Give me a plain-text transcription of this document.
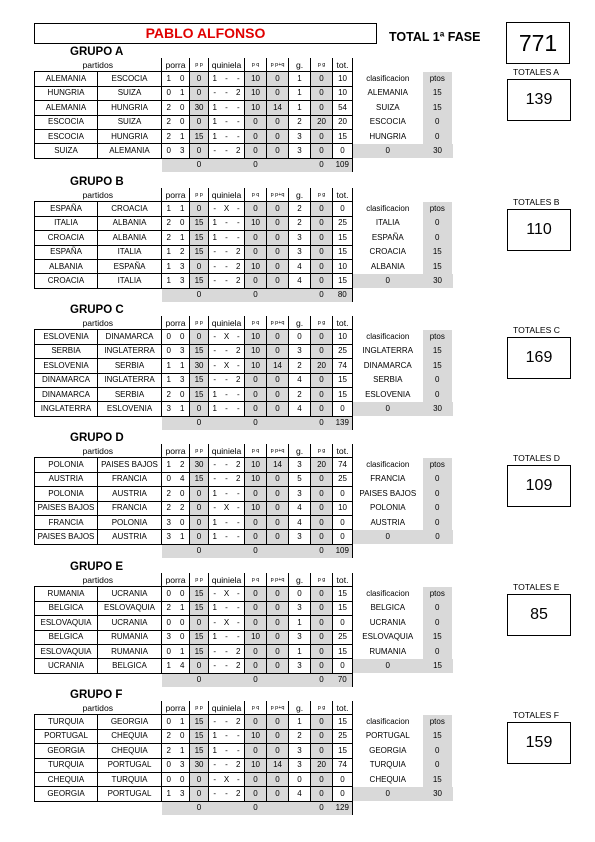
PABLO ALFONSO	TOTAL 1ª FASE	771
GRUPO A
partidos		porra		p p	quiniela			p q	p p+q	g.	p g	tot.		
ALEMANIA	ESCOCIA	1	0	0	1	-	-	10	0	1	0	10	clasificacion	ptos
HUNGRIA	SUIZA	0	1	0	-	-	2	10	0	1	0	10	ALEMANIA	15
ALEMANIA	HUNGRIA	2	0	30	1	-	-	10	14	1	0	54	SUIZA	15
ESCOCIA	SUIZA	2	0	0	1	-	-	0	0	2	20	20	ESCOCIA	0
ESCOCIA	HUNGRIA	2	1	15	1	-	-	0	0	3	0	15	HUNGRIA	0
SUIZA	ALEMANIA	0	3	0	-	-	2	0	0	3	0	0	0	30
				0				0			0	109		
TOTALES A
139
GRUPO B
partidos		porra		p p	quiniela			p q	p p+q	g.	p g	tot.		
ESPAÑA	CROACIA	1	1	0	-	X	-	0	0	2	0	0	clasificacion	ptos
ITALIA	ALBANIA	2	0	15	1	-	-	10	0	2	0	25	ITALIA	0
CROACIA	ALBANIA	2	1	15	1	-	-	0	0	3	0	15	ESPAÑA	0
ESPAÑA	ITALIA	1	2	15	-	-	2	0	0	3	0	15	CROACIA	15
ALBANIA	ESPAÑA	1	3	0	-	-	2	10	0	4	0	10	ALBANIA	15
CROACIA	ITALIA	1	3	15	-	-	2	0	0	4	0	15	0	30
				0				0			0	80		
TOTALES B
110
GRUPO C
partidos		porra		p p	quiniela			p q	p p+q	g.	p g	tot.		
ESLOVENIA	DINAMARCA	0	0	0	-	X	-	10	0	0	0	10	clasificacion	ptos
SERBIA	INGLATERRA	0	3	15	-	-	2	10	0	3	0	25	INGLATERRA	15
ESLOVENIA	SERBIA	1	1	30	-	X	-	10	14	2	20	74	DINAMARCA	15
DINAMARCA	INGLATERRA	1	3	15	-	-	2	0	0	4	0	15	SERBIA	0
DINAMARCA	SERBIA	2	0	15	1	-	-	0	0	2	0	15	ESLOVENIA	0
INGLATERRA	ESLOVENIA	3	1	0	1	-	-	0	0	4	0	0	0	30
				0				0			0	139		
TOTALES C
169
GRUPO D
partidos		porra		p p	quiniela			p q	p p+q	g.	p g	tot.		
POLONIA	PAISES BAJOS	1	2	30	-	-	2	10	14	3	20	74	clasificacion	ptos
AUSTRIA	FRANCIA	0	4	15	-	-	2	10	0	5	0	25	FRANCIA	0
POLONIA	AUSTRIA	2	0	0	1	-	-	0	0	3	0	0	PAISES BAJOS	0
PAISES BAJOS	FRANCIA	2	2	0	-	X	-	10	0	4	0	10	POLONIA	0
FRANCIA	POLONIA	3	0	0	1	-	-	0	0	4	0	0	AUSTRIA	0
PAISES BAJOS	AUSTRIA	3	1	0	1	-	-	0	0	3	0	0	0	0
				0				0			0	109		
TOTALES D
109
GRUPO E
partidos		porra		p p	quiniela			p q	p p+q	g.	p g	tot.		
RUMANIA	UCRANIA	0	0	15	-	X	-	0	0	0	0	15	clasificacion	ptos
BELGICA	ESLOVAQUIA	2	1	15	1	-	-	0	0	3	0	15	BELGICA	0
ESLOVAQUIA	UCRANIA	0	0	0	-	X	-	0	0	1	0	0	UCRANIA	0
BELGICA	RUMANIA	3	0	15	1	-	-	10	0	3	0	25	ESLOVAQUIA	15
ESLOVAQUIA	RUMANIA	0	1	15	-	-	2	0	0	1	0	15	RUMANIA	0
UCRANIA	BELGICA	1	4	0	-	-	2	0	0	3	0	0	0	15
				0				0			0	70		
TOTALES E
85
GRUPO F
partidos		porra		p p	quiniela			p q	p p+q	g.	p g	tot.		
TURQUIA	GEORGIA	0	1	15	-	-	2	0	0	1	0	15	clasificacion	ptos
PORTUGAL	CHEQUIA	2	0	15	1	-	-	10	0	2	0	25	PORTUGAL	15
GEORGIA	CHEQUIA	2	1	15	1	-	-	0	0	3	0	15	GEORGIA	0
TURQUIA	PORTUGAL	0	3	30	-	-	2	10	14	3	20	74	TURQUIA	0
CHEQUIA	TURQUIA	0	0	0	-	X	-	0	0	0	0	0	CHEQUIA	15
GEORGIA	PORTUGAL	1	3	0	-	-	2	0	0	4	0	0	0	30
				0				0			0	129		
TOTALES F
159
